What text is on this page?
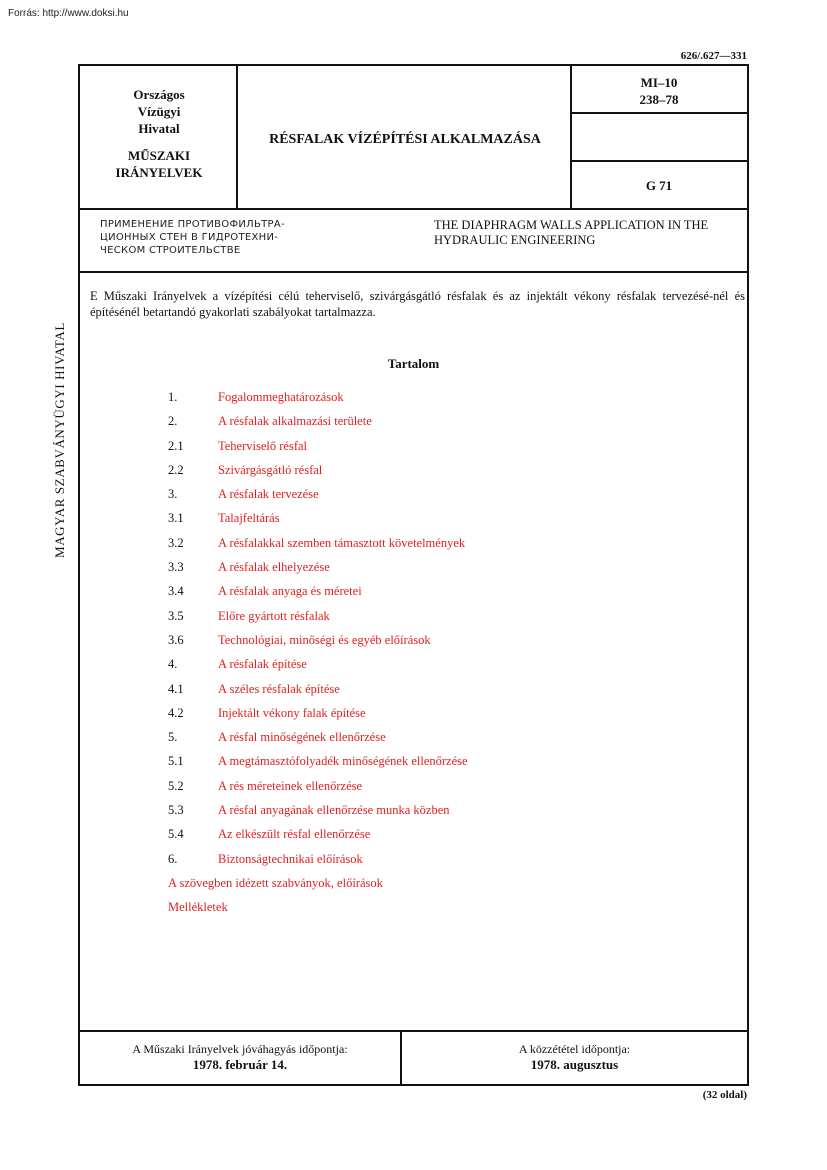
Forrás: http://www.doksi.hu
626/.627—331
MAGYAR SZABVÁNYÜGYI HIVATAL
Országos
Vízügyi
Hivatal
MŰSZAKI
IRÁNYELVEK
RÉSFALAK VÍZÉPÍTÉSI ALKALMAZÁSA
MI–10
238–78
G 71
ПРИМЕНЕНИЕ ПРОТИВОФИЛЬТРА-
ЦИОННЫХ СТЕН В ГИДРОТЕХНИ-
ЧЕСКОМ СТРОИТЕЛЬСТВЕ
THE DIAPHRAGM WALLS APPLICATION IN THE HYDRAULIC ENGINEERING
E Műszaki Irányelvek a vízépítési célú teherviselő, szivárgásgátló résfalak és az injektált vékony résfalak tervezésé-nél és építésénél betartandó gyakorlati szabályokat tartalmazza.
Tartalom
1.	Fogalommeghatározások
2.	A résfalak alkalmazási területe
2.1	Teherviselő résfal
2.2	Szivárgásgátló résfal
3.	A résfalak tervezése
3.1	Talajfeltárás
3.2	A résfalakkal szemben támasztott követelmények
3.3	A résfalak elhelyezése
3.4	A résfalak anyaga és méretei
3.5	Előre gyártott résfalak
3.6	Technológiai, minőségi és egyéb előírások
4.	A résfalak építése
4.1	A széles résfalak építése
4.2	Injektált vékony falak építése
5.	A résfal minőségének ellenőrzése
5.1	A megtámasztófolyadék minőségének ellenőrzése
5.2	A rés méreteinek ellenőrzése
5.3	A résfal anyagának ellenőrzése munka közben
5.4	Az elkészült résfal ellenőrzése
6.	Biztonságtechnikai előírások
A szövegben idézett szabványok, előírások
Mellékletek
A Műszaki Irányelvek jóváhagyás időpontja:
1978. február 14.
A közzététel időpontja:
1978. augusztus
(32 oldal)
